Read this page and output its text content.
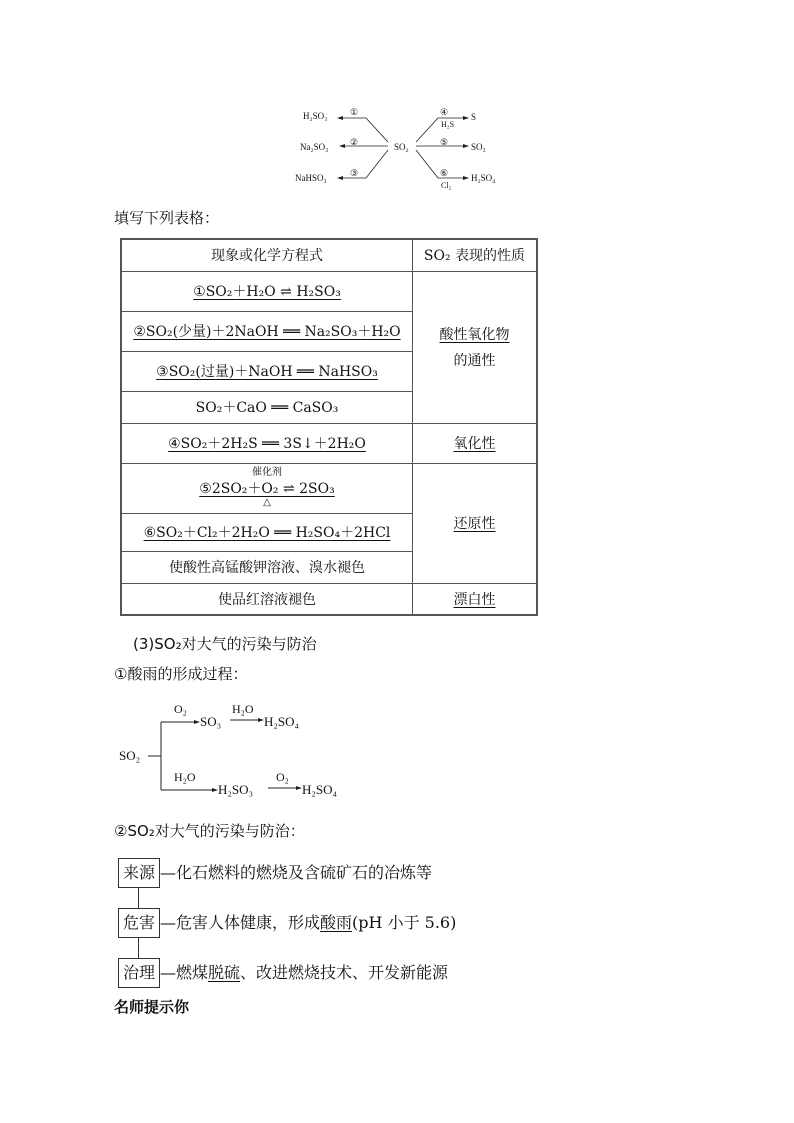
H₂SO₃
Na₂SO₃
NaHSO₃
①
②
③
SO₂
④
H₂S
S
⑤	SO₃
⑥
Cl₂
H₂SO₄
填写下列表格：
现象或化学方程式	SO₂ 表现的性质
①SO₂＋H₂O ⇌ H₂SO₃	酸性氧化物
的通性

②SO₂(少量)＋2NaOH ══ Na₂SO₃＋H₂O	
③SO₂(过量)＋NaOH ══ NaHSO₃	
SO₂＋CaO ══ CaSO₃	
④SO₂＋2H₂S ══ 3S↓＋2H₂O	氧化性

催化剂
⑤2SO₂＋O₂ ⇌ 2SO₃
△	还原性
⑥SO₂＋Cl₂＋2H₂O ══ H₂SO₄＋2HCl	
使酸性高锰酸钾溶液、溴水褪色	
使品红溶液褪色	漂白性
(3)SO₂对大气的污染与防治
①酸雨的形成过程：
SO₂
O₂
SO₃
H₂O
H₂SO₄
H₂O
H₂SO₃
O₂
H₂SO₄
②SO₂对大气的污染与防治：
来源 —化石燃料的燃烧及含硫矿石的冶炼等
危害 —危害人体健康，形成酸雨(pH 小于 5.6)
治理 —燃煤脱硫、改进燃烧技术、开发新能源
名师提示你
